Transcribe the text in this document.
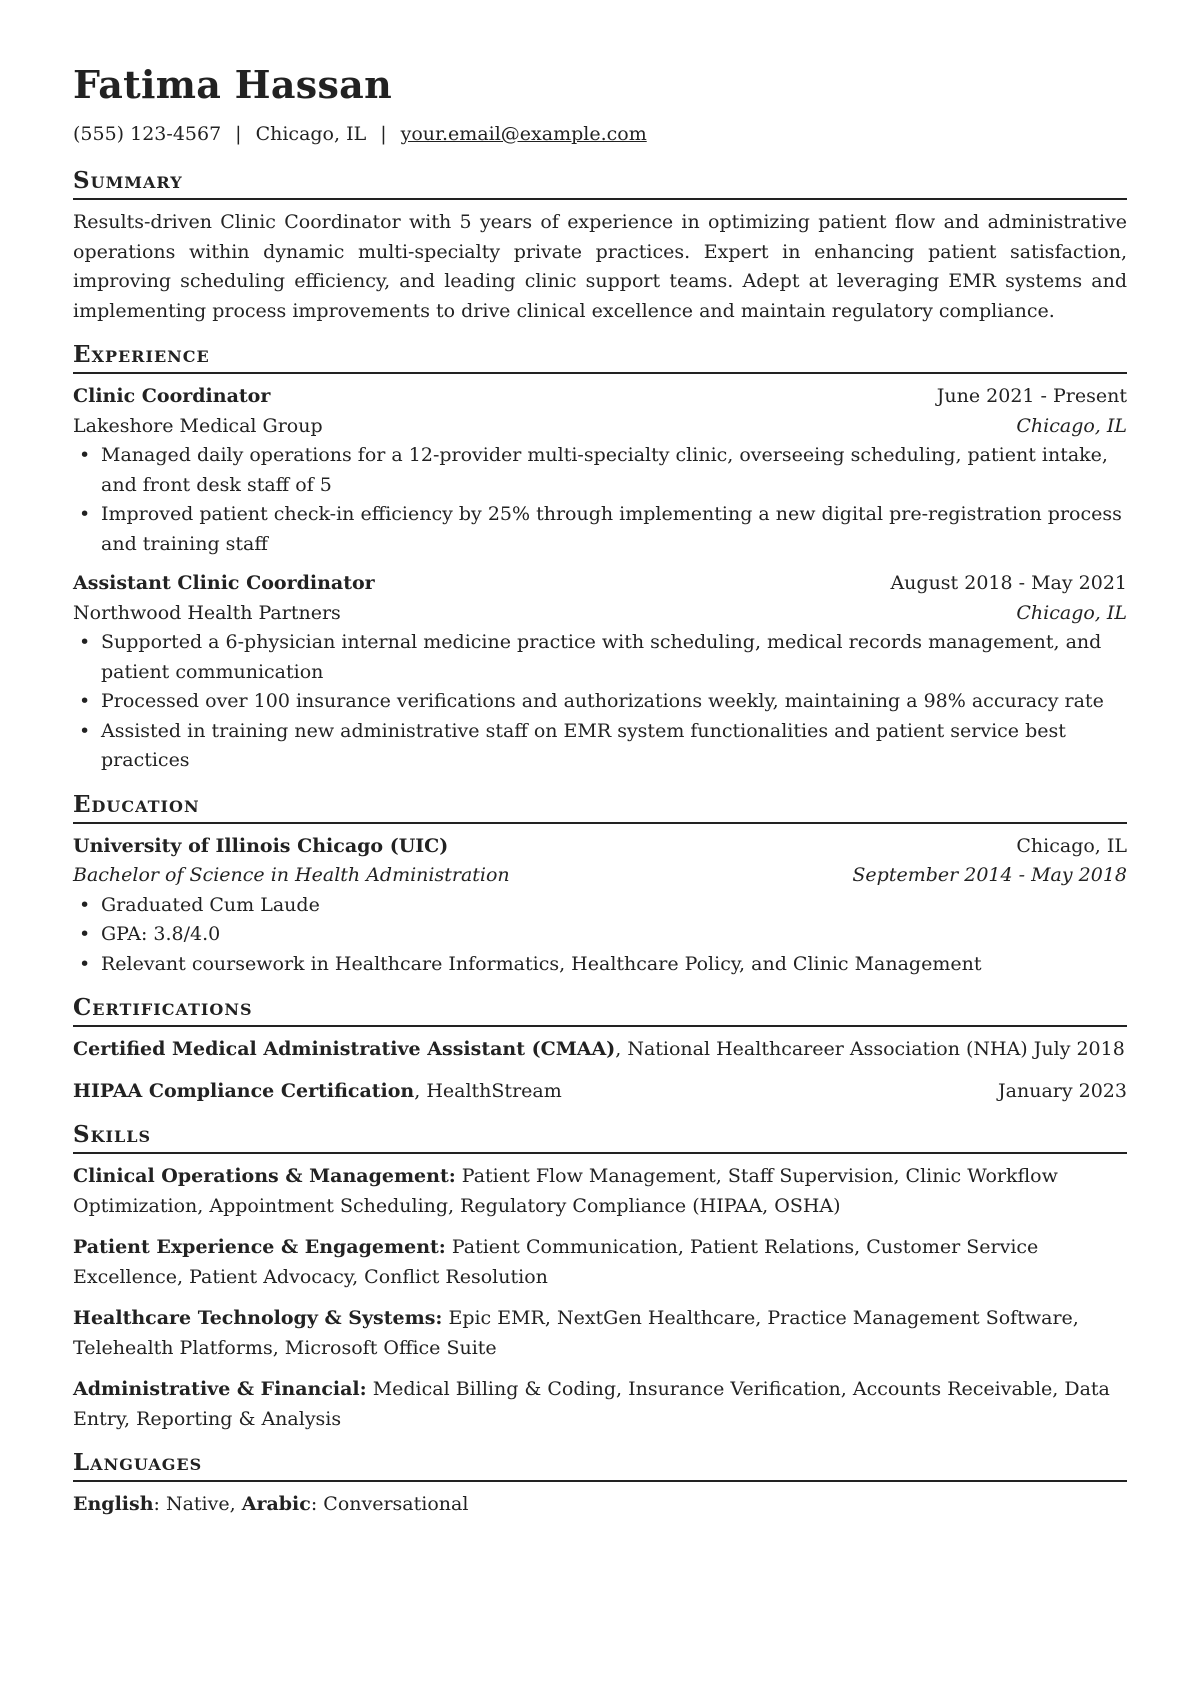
Fatima Hassan
(555) 123-4567 | Chicago, IL | your.email@example.com
Summary
Results-driven Clinic Coordinator with 5 years of experience in optimizing patient flow and administrative operations within dynamic multi-specialty private practices. Expert in enhancing patient satisfaction, improving scheduling efficiency, and leading clinic support teams. Adept at leveraging EMR systems and implementing process improvements to drive clinical excellence and maintain regulatory compliance.
Experience
Clinic Coordinator	June 2021 - Present
Lakeshore Medical Group	Chicago, IL
• Managed daily operations for a 12-provider multi-specialty clinic, overseeing scheduling, patient intake, and front desk staff of 5
• Improved patient check-in efficiency by 25% through implementing a new digital pre-registration process and training staff
Assistant Clinic Coordinator	August 2018 - May 2021
Northwood Health Partners	Chicago, IL
• Supported a 6-physician internal medicine practice with scheduling, medical records management, and patient communication
• Processed over 100 insurance verifications and authorizations weekly, maintaining a 98% accuracy rate
• Assisted in training new administrative staff on EMR system functionalities and patient service best practices
Education
University of Illinois Chicago (UIC)	Chicago, IL
Bachelor of Science in Health Administration	September 2014 - May 2018
• Graduated Cum Laude
• GPA: 3.8/4.0
• Relevant coursework in Healthcare Informatics, Healthcare Policy, and Clinic Management
Certifications
Certified Medical Administrative Assistant (CMAA), National Healthcareer Association (NHA) July 2018
HIPAA Compliance Certification, HealthStream	January 2023
Skills
Clinical Operations & Management: Patient Flow Management, Staff Supervision, Clinic Workflow Optimization, Appointment Scheduling, Regulatory Compliance (HIPAA, OSHA)
Patient Experience & Engagement: Patient Communication, Patient Relations, Customer Service Excellence, Patient Advocacy, Conflict Resolution
Healthcare Technology & Systems: Epic EMR, NextGen Healthcare, Practice Management Software, Telehealth Platforms, Microsoft Office Suite
Administrative & Financial: Medical Billing & Coding, Insurance Verification, Accounts Receivable, Data Entry, Reporting & Analysis
Languages
English: Native, Arabic: Conversational
